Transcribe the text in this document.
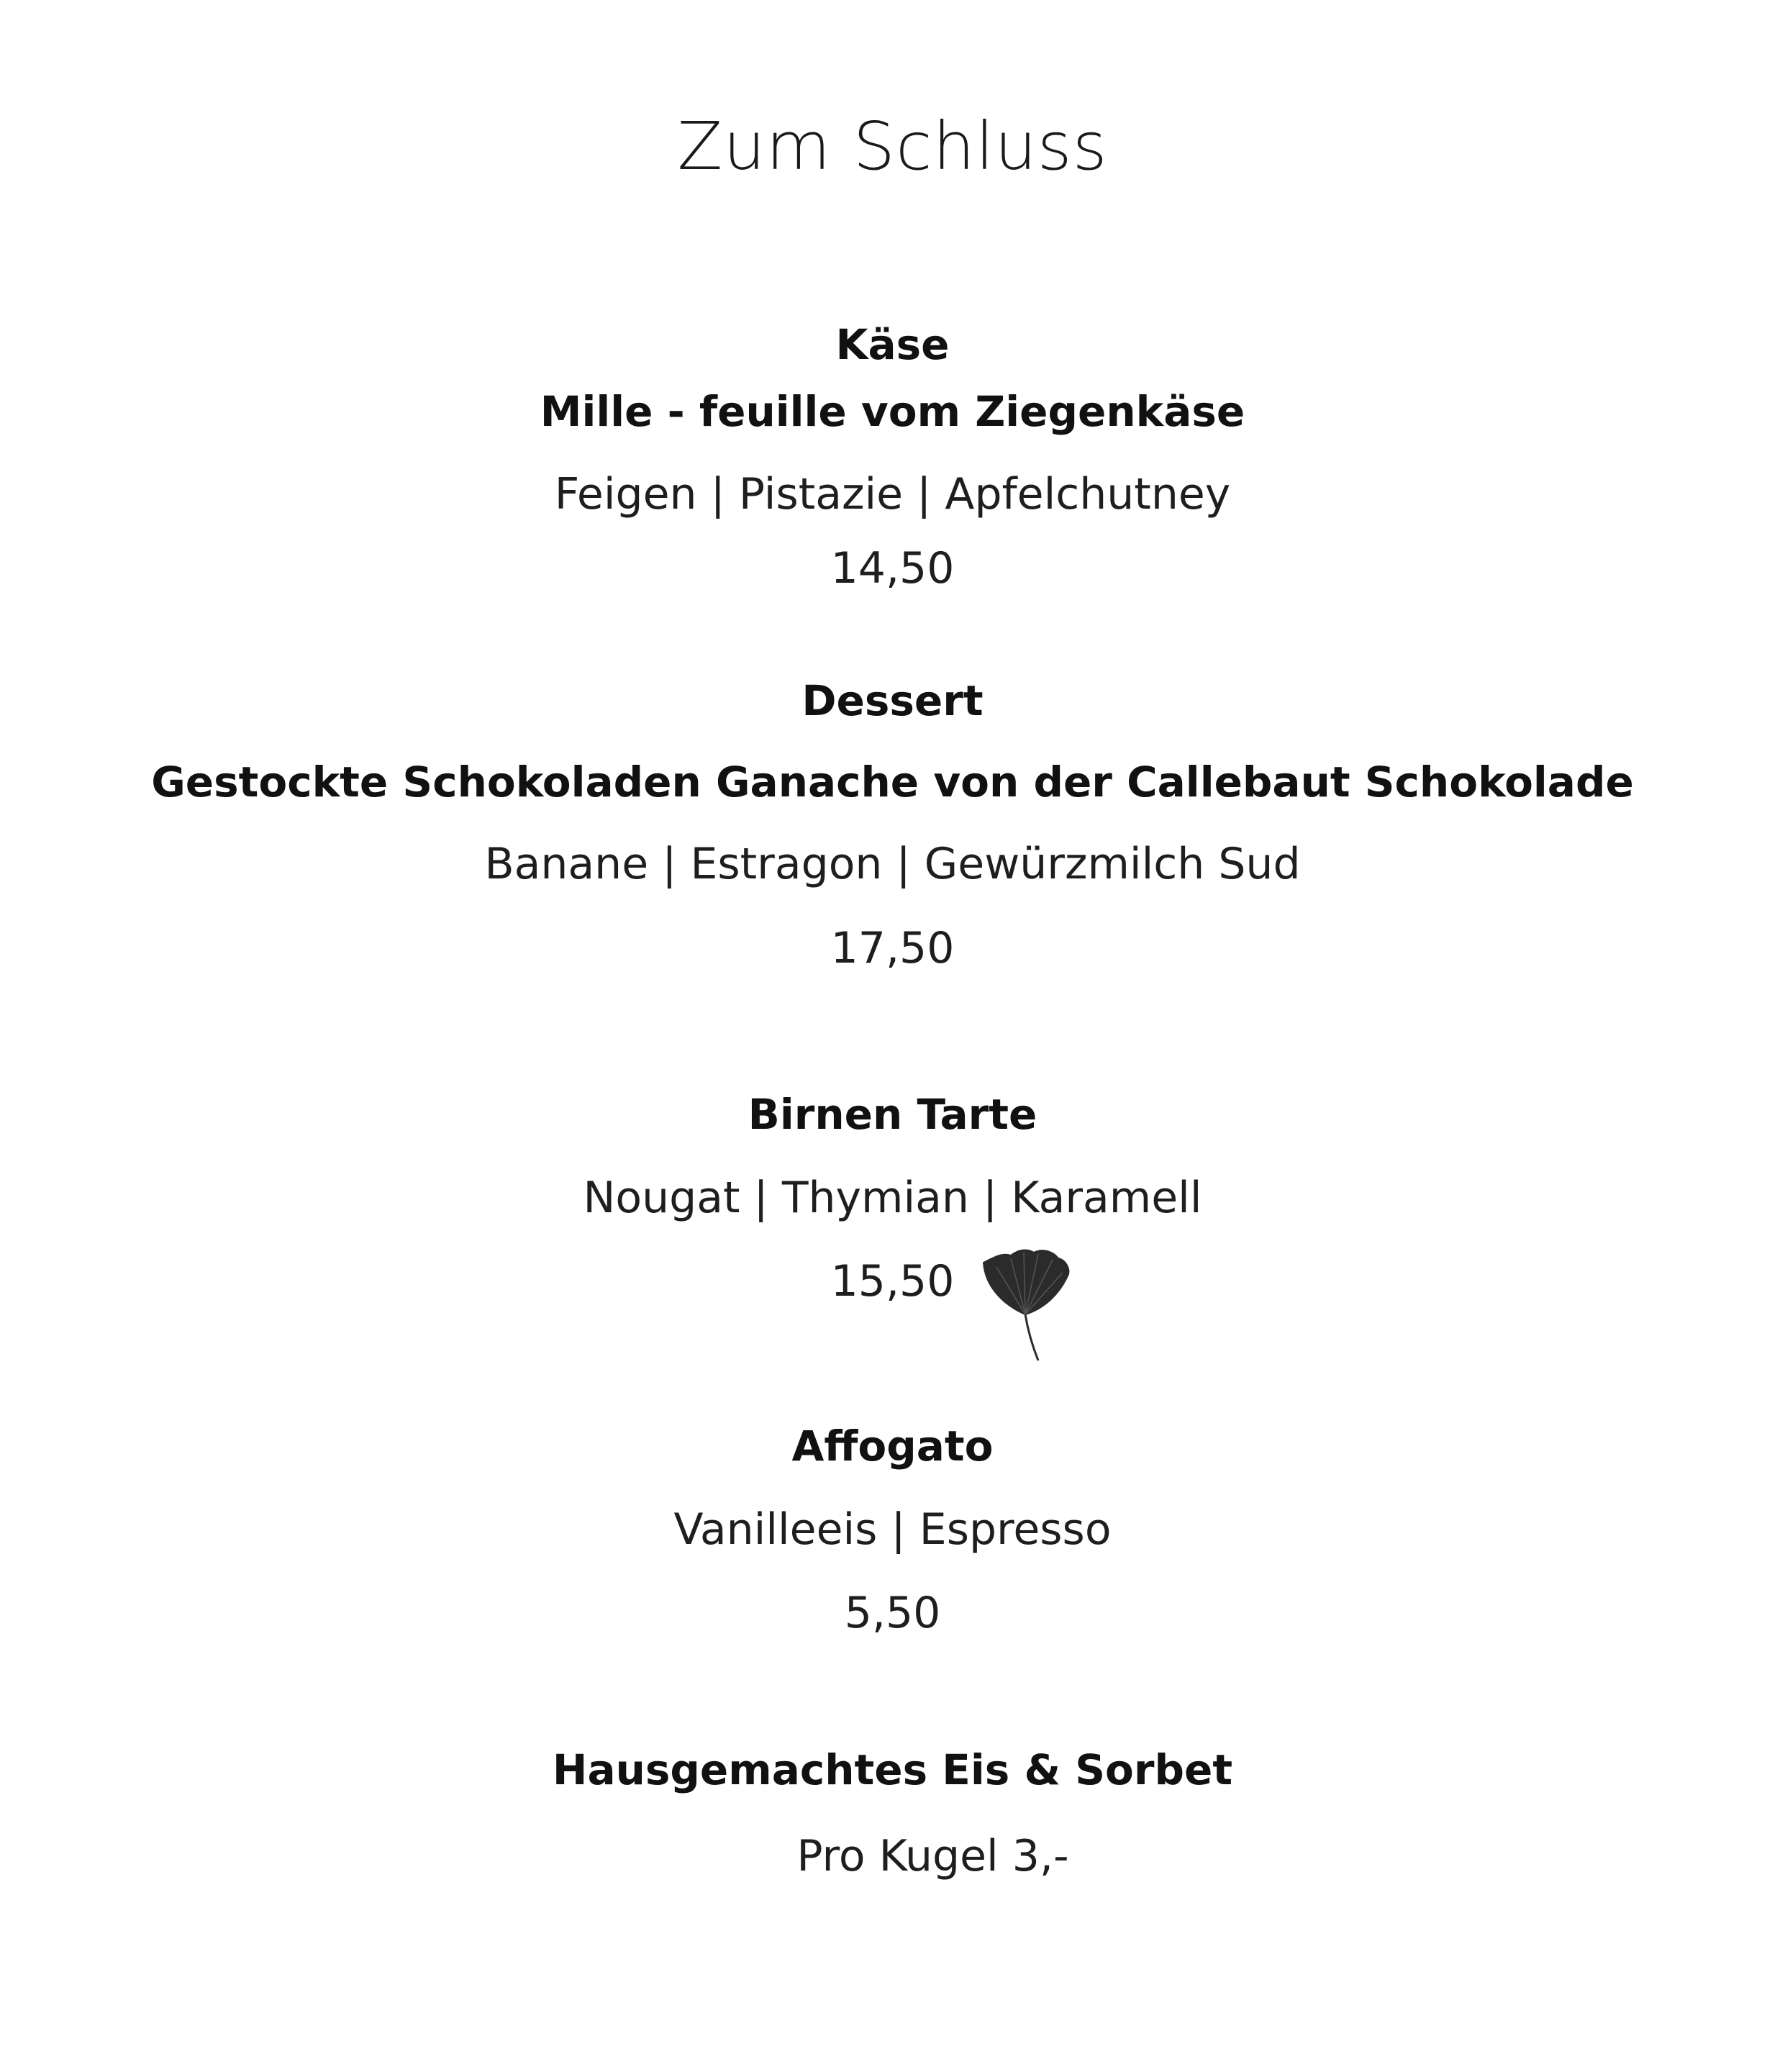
Zum Schluss
Käse
Mille - feuille vom Ziegenkäse
Feigen | Pistazie | Apfelchutney
14,50
Dessert
Gestockte Schokoladen Ganache von der Callebaut Schokolade
Banane | Estragon | Gewürzmilch Sud
17,50
Birnen Tarte
Nougat | Thymian | Karamell
15,50
Affogato
Vanilleeis | Espresso
5,50
Hausgemachtes Eis & Sorbet
Pro Kugel 3,-
